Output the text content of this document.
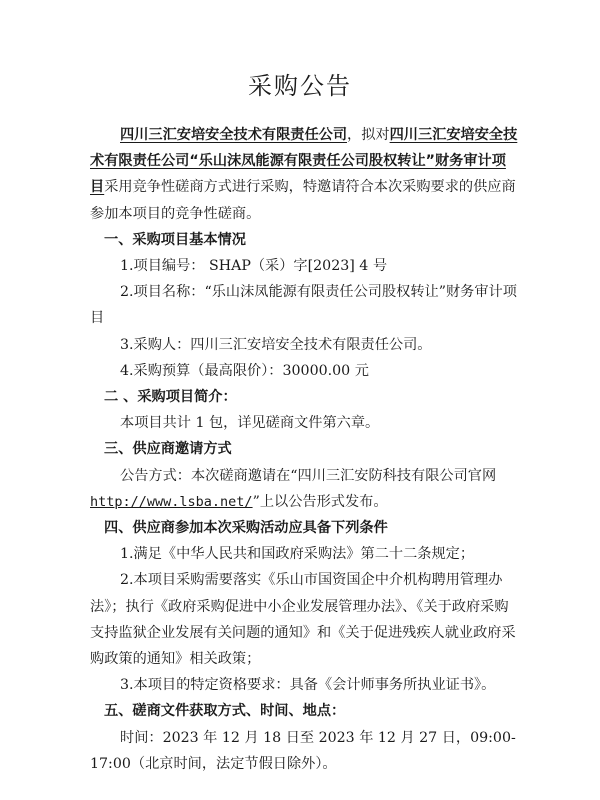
采购公告

四川三汇安培安全技术有限责任公司，拟对四川三汇安培安全技术有限责任公司“乐山沫凤能源有限责任公司股权转让”财务审计项目采用竞争性磋商方式进行采购，特邀请符合本次采购要求的供应商参加本项目的竞争性磋商。

一、采购项目基本情况

1.项目编号： SHAP（采）字[2023] 4 号

2.项目名称：“乐山沫凤能源有限责任公司股权转让”财务审计项目

3.采购人：四川三汇安培安全技术有限责任公司。

4.采购预算（最高限价）：30000.00 元

二 、采购项目简介：

本项目共计 1 包，详见磋商文件第六章。

三、供应商邀请方式

公告方式：本次磋商邀请在“四川三汇安防科技有限公司官网http://www.lsba.net/”上以公告形式发布。

四、供应商参加本次采购活动应具备下列条件

1.满足《中华人民共和国政府采购法》第二十二条规定；

2.本项目采购需要落实《乐山市国资国企中介机构聘用管理办法》；执行《政府采购促进中小企业发展管理办法》、《关于政府采购支持监狱企业发展有关问题的通知》和《关于促进残疾人就业政府采购政策的通知》相关政策；

3.本项目的特定资格要求：具备《会计师事务所执业证书》。

五、磋商文件获取方式、时间、地点：

时间：2023 年 12 月 18 日至 2023 年 12 月 27 日，09:00- 17:00（北京时间，法定节假日除外）。
